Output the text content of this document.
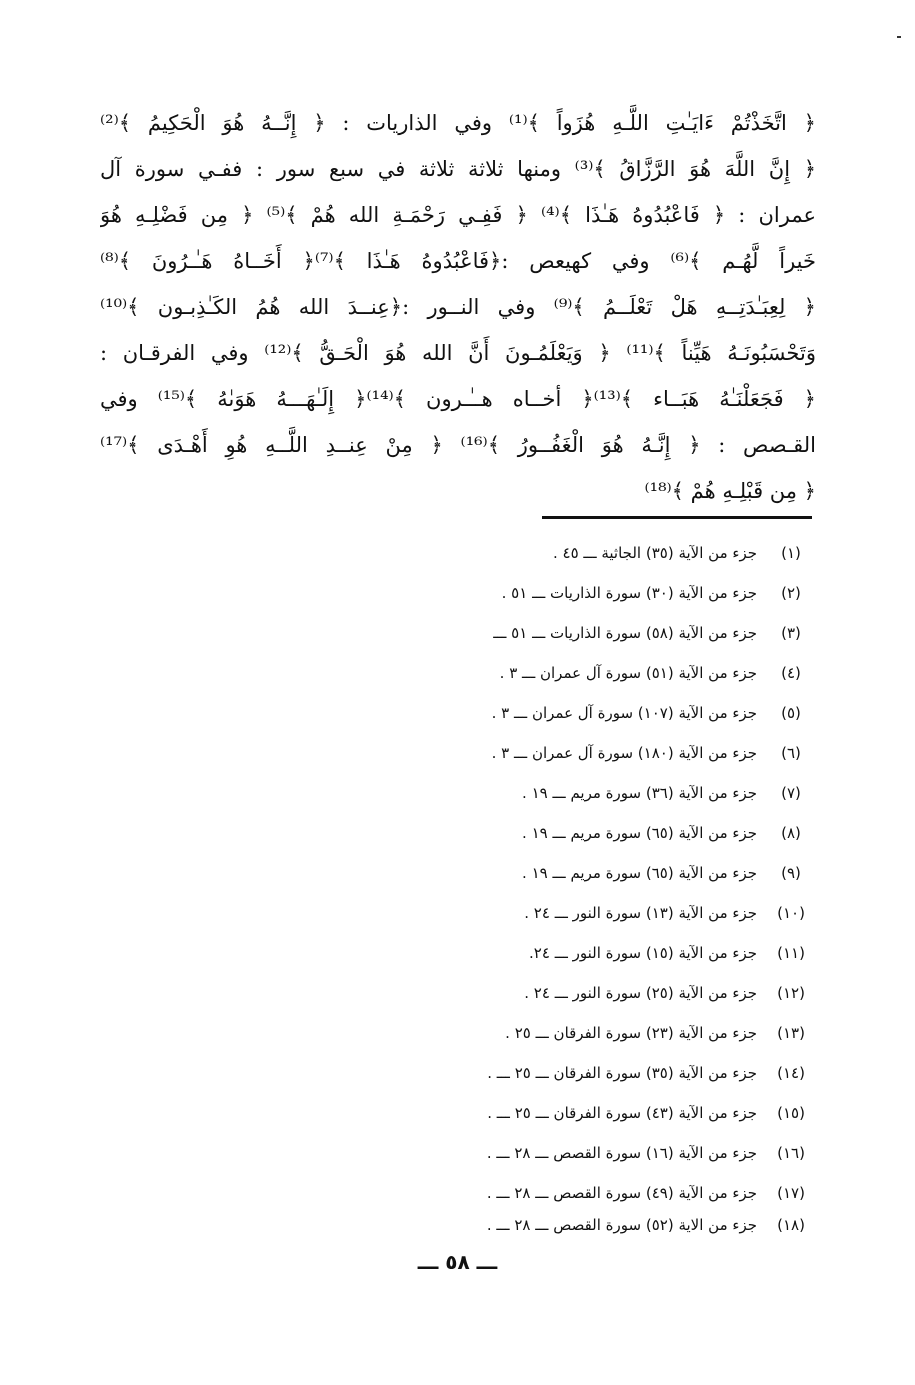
﴿ اتَّخَذْتُمْ ءَايَـٰتِ اللَّـهِ هُزَواً ﴾⁽¹⁾ وفي الذاريات : ﴿ إِنَّــهُ هُوَ الْحَكِيمُ ﴾⁽²⁾
﴿ إِنَّ اللَّهَ هُوَ الرَّزَّاقُ ﴾⁽³⁾ ومنها ثلاثة ثلاثة في سبع سور : ففـي سورة آل
عمران : ﴿ فَاعْبُدُوهُ هَـٰذَا ﴾⁽⁴⁾ ﴿ فَفِـي رَحْمَـةِ الله هُمْ ﴾⁽⁵⁾ ﴿ مِن فَضْلِـهِ هُوَ
خَيراً لَّهُـم ﴾⁽⁶⁾ وفي كهيعص :﴿فَاعْبُدُوهُ هَـٰذَا ﴾⁽⁷⁾﴿ أَخَــاهُ هَـٰـرُونَ ﴾⁽⁸⁾
﴿ لِعِبَـٰدَتِــهِ هَلْ تَعْلَــمُ ﴾⁽⁹⁾ وفي النــور :﴿عِنــدَ الله هُمُ الكَـٰذِبـون ﴾⁽¹⁰⁾
وَتَحْسَبُونَـهُ هَيِّناً ﴾⁽¹¹⁾ ﴿ وَيَعْلَمُـونَ أَنَّ الله هُوَ الْحَـقُّ ﴾⁽¹²⁾ وفي الفرقـان :
﴿ فَجَعَلْنَـٰهُ هَبَــاء ﴾⁽¹³⁾﴿ أخــاه هــٰـرون ﴾⁽¹⁴⁾﴿ إِلَـٰهَـــهُ هَوَىٰهُ ﴾⁽¹⁵⁾ وفي
القـصص : ﴿ إِنَّـهُ هُوَ الْغَفُــورُ ﴾⁽¹⁶⁾ ﴿ مِنْ عِنــدِ اللَّــهِ هُوِ أَهْـدَى ﴾⁽¹⁷⁾
﴿ مِن قَبْلِـهِ هُمْ ﴾⁽¹⁸⁾
(١)جزء من الآية (٣٥) الجاثية ـــ ٤٥ .
(٢)جزء من الآية (٣٠) سورة الذاريات ـــ ٥١ .
(٣)جزء من الآية (٥٨) سورة الذاريات ـــ ٥١ ـــ
(٤)جزء من الآية (٥١) سورة آل عمران ـــ ٣ .
(٥)جزء من الآية (١٠٧) سورة آل عمران ـــ ٣ .
(٦)جزء من الآية (١٨٠) سورة آل عمران ـــ ٣ .
(٧)جزء من الآية (٣٦) سورة مريم ـــ ١٩ .
(٨)جزء من الآية (٦٥) سورة مريم ـــ ١٩ .
(٩)جزء من الآية (٦٥) سورة مريم ـــ ١٩ .
(١٠)جزء من الآية (١٣) سورة النور ـــ ٢٤ .
(١١)جزء من الآية (١٥) سورة النور ـــ ٢٤.
(١٢)جزء من الآية (٢٥) سورة النور ـــ ٢٤ .
(١٣)جزء من الآية (٢٣) سورة الفرقان ـــ ٢٥ .
(١٤)جزء من الآية (٣٥) سورة الفرقان ـــ ٢٥ ـــ .
(١٥)جزء من الآية (٤٣) سورة الفرقان ـــ ٢٥ ـــ .
(١٦)جزء من الآية (١٦) سورة القصص ـــ ٢٨ ـــ .
(١٧)جزء من الآية (٤٩) سورة القصص ـــ ٢٨ ـــ .
(١٨)جزء من الاية (٥٢) سورة القصص ـــ ٢٨ ـــ .
ـــ ٥٨ ـــ
